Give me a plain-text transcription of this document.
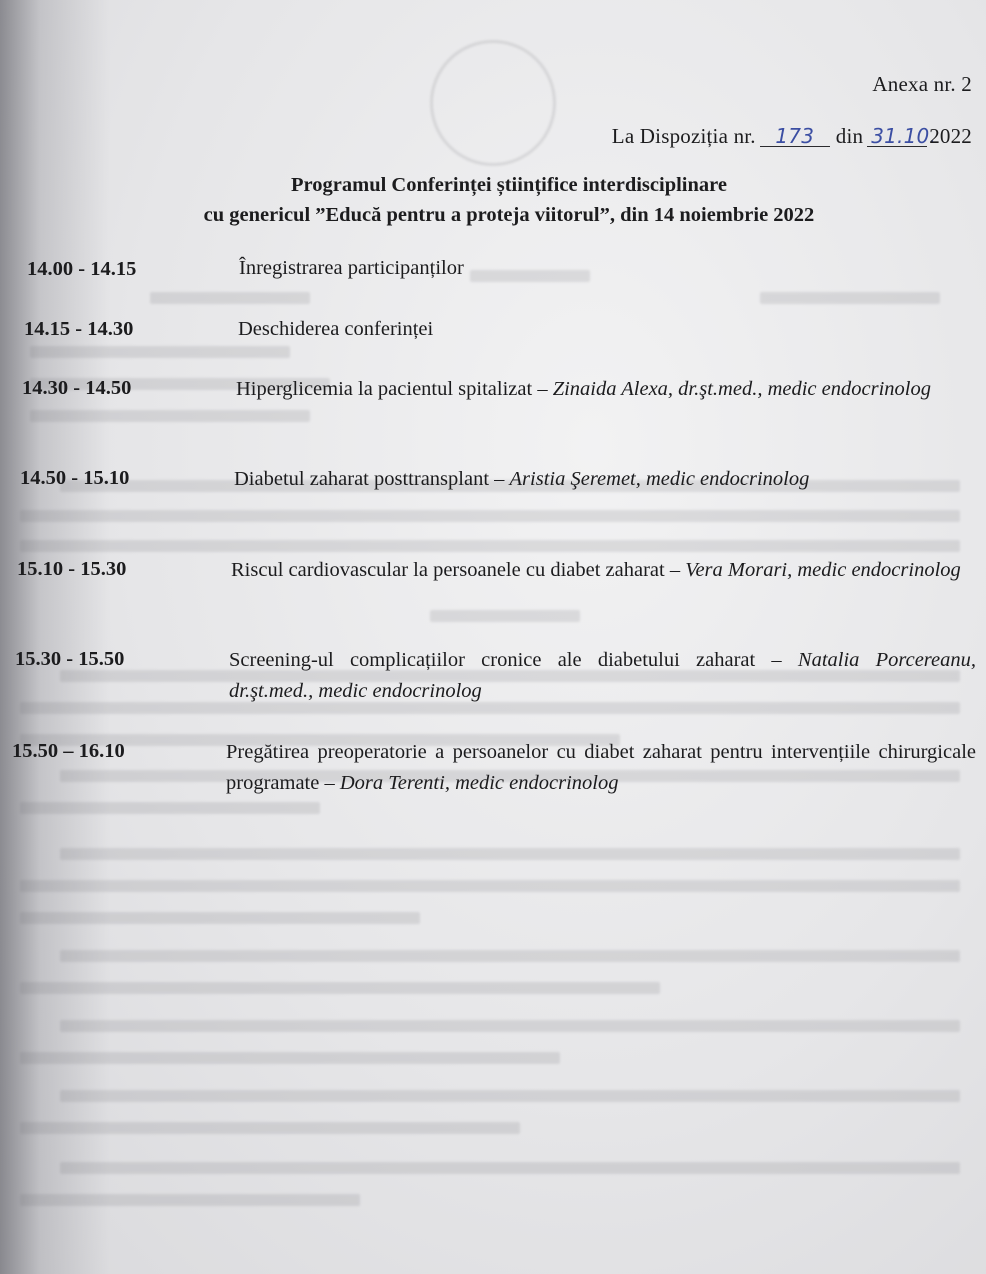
Anexa nr. 2
La Dispoziția nr. 173	din 31.10.
2022
Programul Conferinței științifice interdisciplinare
cu genericul ”Educă pentru a proteja viitorul”, din 14 noiembrie 2022
14.00 - 14.15	Înregistrarea participanților
14.15 - 14.30	Deschiderea conferinței
14.30 - 14.50	Hiperglicemia la pacientul spitalizat – Zinaida Alexa, dr.şt.med., medic endocrinolog
14.50 - 15.10	Diabetul zaharat posttransplant – Aristia Şeremet, medic endocrinolog
15.10 - 15.30	Riscul cardiovascular la persoanele cu diabet zaharat – Vera Morari, medic endocrinolog
15.30 - 15.50	Screening-ul complicațiilor cronice ale diabetului zaharat – Natalia Porcereanu, dr.şt.med., medic endocrinolog
15.50 – 16.10	Pregătirea preoperatorie a persoanelor cu diabet zaharat pentru intervențiile chirurgicale programate – Dora Terenti, medic endocrinolog
